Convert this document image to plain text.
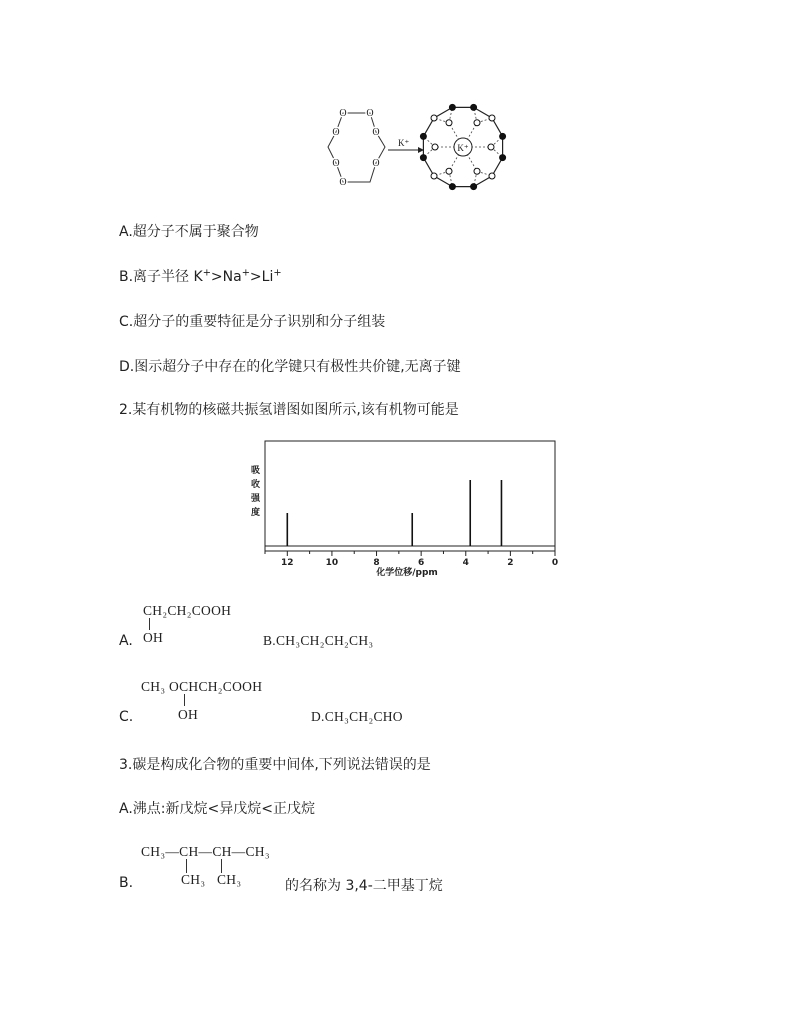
O O
O
O
O
O
O
K⁺	K⁺
A.超分子不属于聚合物
B.离子半径 K+>Na+>Li+
C.超分子的重要特征是分子识别和分子组装
D.图示超分子中存在的化学键只有极性共价键,无离子键
2.某有机物的核磁共振氢谱图如图所示,该有机物可能是
吸
收
强
度
12	10	8	6	4	2	0
化学位移/ppm
CH₂CH₂COOH
A. OH	B.CH₃CH₂CH₂CH₃
CH₃ OCHCH₂COOH
C.	OH	D.CH₃CH₂CHO
3.碳是构成化合物的重要中间体,下列说法错误的是
A.沸点:新戊烷<异戊烷<正戊烷
CH₃—CH—CH—CH₃
B.	CH₃ CH₃	的名称为 3,4-二甲基丁烷
